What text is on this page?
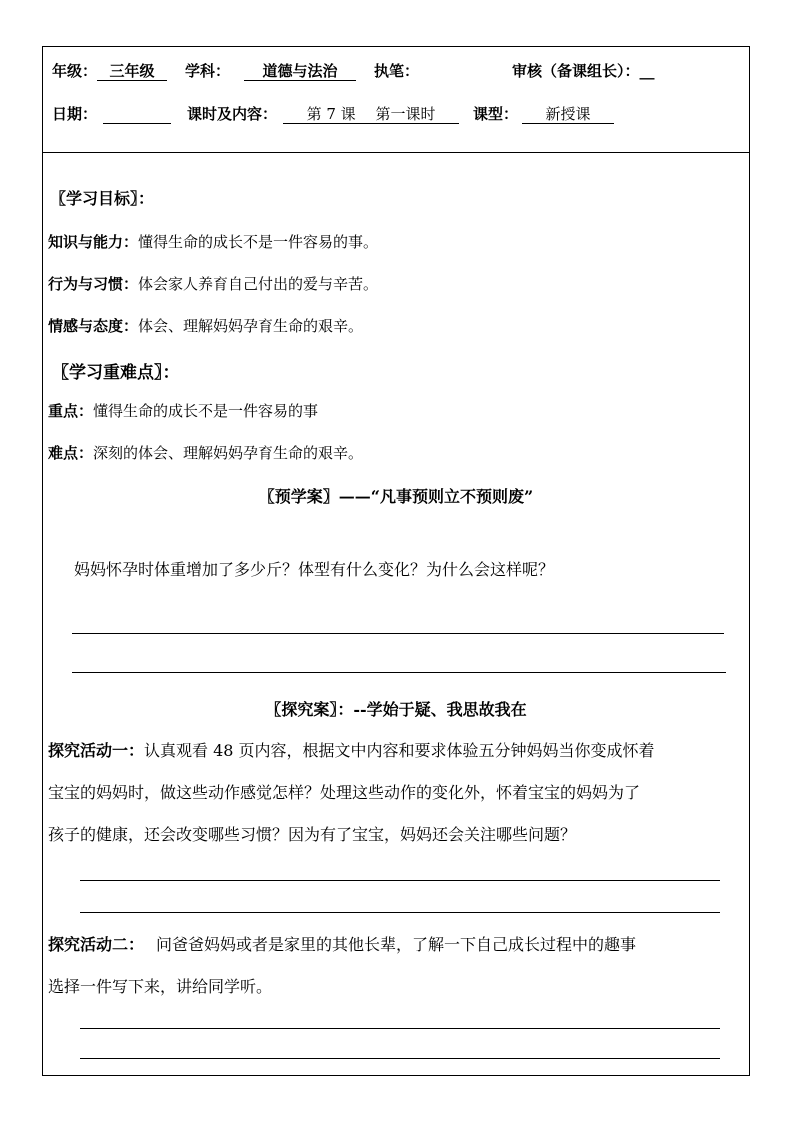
年级： 三年级 学科： 道德与法治 执笔：	审核（备课组长）：__
日期：	课时及内容： 第 7 课　 第一课时	课型： 新授课
〖学习目标〗：
知识与能力：懂得生命的成长不是一件容易的事。
行为与习惯：体会家人养育自己付出的爱与辛苦。
情感与态度：体会、理解妈妈孕育生命的艰辛。
〖学习重难点〗：
重点：懂得生命的成长不是一件容易的事
难点：深刻的体会、理解妈妈孕育生命的艰辛。
〖预学案〗——“凡事预则立不预则废”
妈妈怀孕时体重增加了多少斤？体型有什么变化？为什么会这样呢？
〖探究案〗：--学始于疑、我思故我在
探究活动一：认真观看 48 页内容，根据文中内容和要求体验五分钟妈妈当你变成怀着
宝宝的妈妈时，做这些动作感觉怎样？处理这些动作的变化外，怀着宝宝的妈妈为了
孩子的健康，还会改变哪些习惯？因为有了宝宝，妈妈还会关注哪些问题？
探究活动二： 问爸爸妈妈或者是家里的其他长辈，了解一下自己成长过程中的趣事
选择一件写下来，讲给同学听。
